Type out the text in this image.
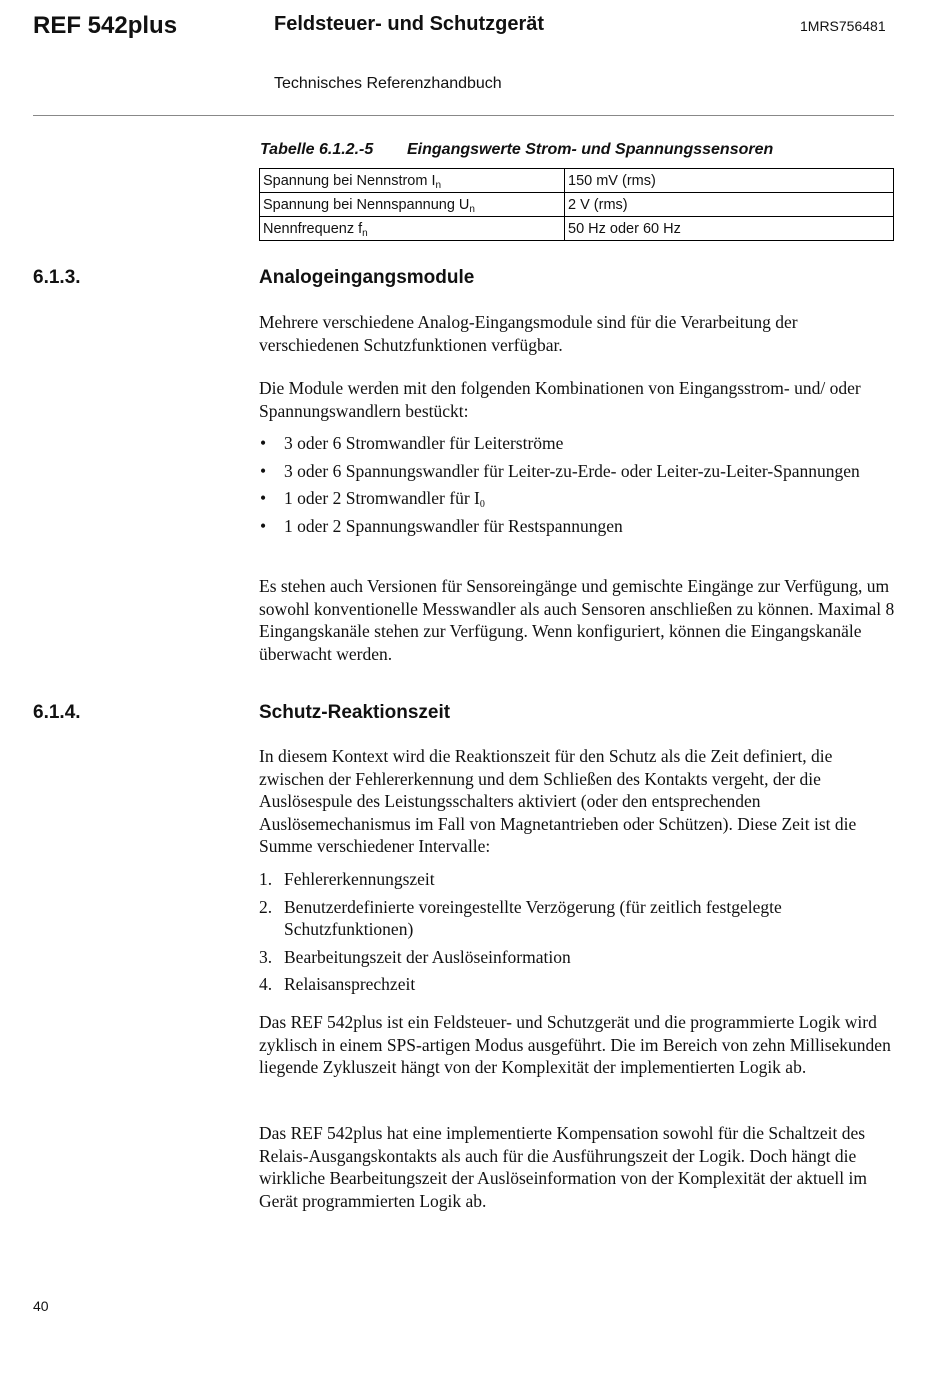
REF 542plus	Feldsteuer- und Schutzgerät	1MRS756481
Technisches Referenzhandbuch
Tabelle 6.1.2.-5 Eingangswerte Strom- und Spannungssensoren
Spannung bei Nennstrom $I_n$	150 mV (rms)
Spannung bei Nennspannung $U_n$	2 V (rms)
Nennfrequenz $f_n$	50 Hz oder 60 Hz
6.1.3.	Analogeingangsmodule

Mehrere verschiedene Analog-Eingangsmodule sind für die Verarbeitung der verschiedenen Schutzfunktionen verfügbar.

Die Module werden mit den folgenden Kombinationen von Eingangsstrom- und/ oder Spannungswandlern bestückt:

• 3 oder 6 Stromwandler für Leiterströme
• 3 oder 6 Spannungswandler für Leiter-zu-Erde- oder Leiter-zu-Leiter-Spannungen
• 1 oder 2 Stromwandler für $I_0$
• 1 oder 2 Spannungswandler für Restspannungen

Es stehen auch Versionen für Sensoreingänge und gemischte Eingänge zur Verfügung, um sowohl konventionelle Messwandler als auch Sensoren anschließen zu können. Maximal 8 Eingangskanäle stehen zur Verfügung. Wenn konfiguriert, können die Eingangskanäle überwacht werden.

6.1.4.	Schutz-Reaktionszeit

In diesem Kontext wird die Reaktionszeit für den Schutz als die Zeit definiert, die zwischen der Fehlererkennung und dem Schließen des Kontakts vergeht, der die Auslösespule des Leistungsschalters aktiviert (oder den entsprechenden Auslösemechanismus im Fall von Magnetantrieben oder Schützen). Diese Zeit ist die Summe verschiedener Intervalle:

1. Fehlererkennungszeit
2. Benutzerdefinierte voreingestellte Verzögerung (für zeitlich festgelegte Schutzfunktionen)
3. Bearbeitungszeit der Auslöseinformation
4. Relaisansprechzeit

Das REF 542plus ist ein Feldsteuer- und Schutzgerät und die programmierte Logik wird zyklisch in einem SPS-artigen Modus ausgeführt. Die im Bereich von zehn Millisekunden liegende Zykluszeit hängt von der Komplexität der implementierten Logik ab.

Das REF 542plus hat eine implementierte Kompensation sowohl für die Schaltzeit des Relais-Ausgangskontakts als auch für die Ausführungszeit der Logik. Doch hängt die wirkliche Bearbeitungszeit der Auslöseinformation von der Komplexität der aktuell im Gerät programmierten Logik ab.

40
